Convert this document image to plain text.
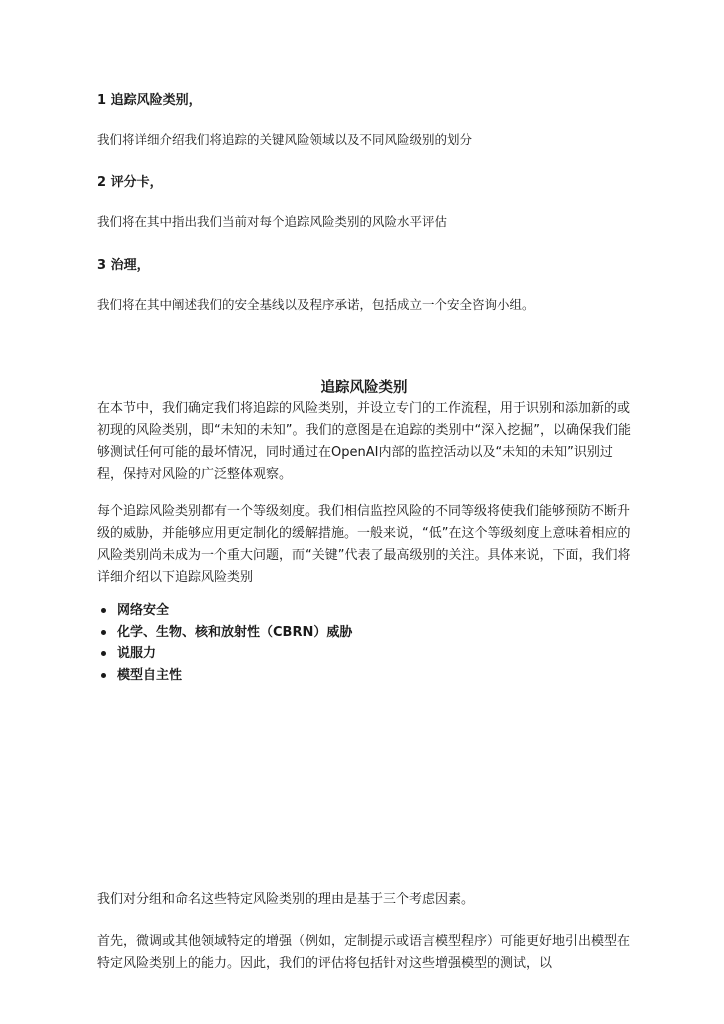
1 追踪风险类别，
我们将详细介绍我们将追踪的关键风险领域以及不同风险级别的划分
2 评分卡，
我们将在其中指出我们当前对每个追踪风险类别的风险水平评估
3 治理，
我们将在其中阐述我们的安全基线以及程序承诺，包括成立一个安全咨询小组。
追踪风险类别

在本节中，我们确定我们将追踪的风险类别，并设立专门的工作流程，用于识别和添加新的或初现的风险类别，即“未知的未知”。我们的意图是在追踪的类别中“深入挖掘”，以确保我们能够测试任何可能的最坏情况，同时通过在OpenAI内部的监控活动以及“未知的未知”识别过程，保持对风险的广泛整体观察。

每个追踪风险类别都有一个等级刻度。我们相信监控风险的不同等级将使我们能够预防不断升级的威胁，并能够应用更定制化的缓解措施。一般来说，“低”在这个等级刻度上意味着相应的风险类别尚未成为一个重大问题，而“关键”代表了最高级别的关注。具体来说，下面，我们将详细介绍以下追踪风险类别

网络安全
化学、生物、核和放射性（CBRN）威胁
说服力
模型自主性

我们对分组和命名这些特定风险类别的理由是基于三个考虑因素。

首先，微调或其他领域特定的增强（例如，定制提示或语言模型程序）可能更好地引出模型在特定风险类别上的能力。因此，我们的评估将包括针对这些增强模型的测试，以
